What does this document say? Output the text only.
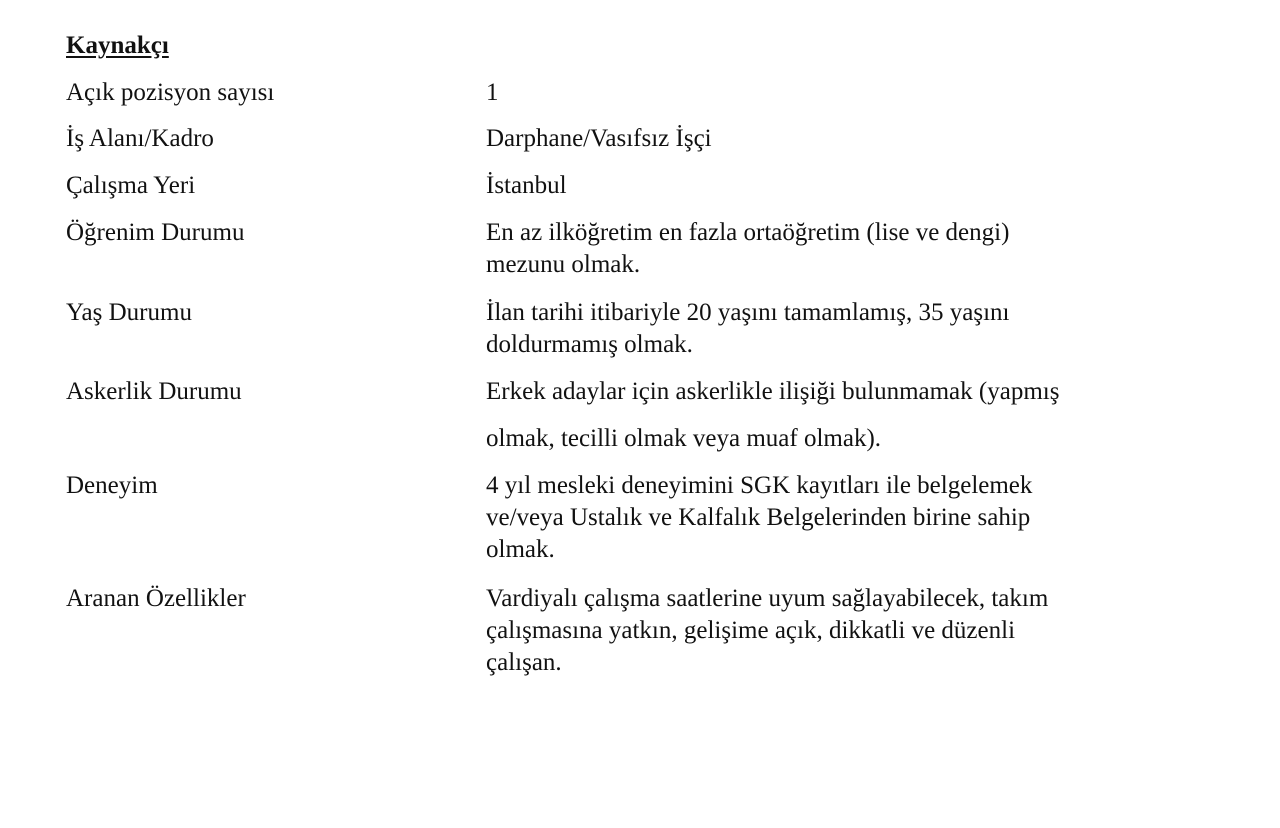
Kaynakçı
Açık pozisyon sayısı	1
İş Alanı/Kadro	Darphane/Vasıfsız İşçi
Çalışma Yeri	İstanbul
Öğrenim Durumu	En az ilköğretim en fazla ortaöğretim (lise ve dengi)
mezunu olmak.
Yaş Durumu	İlan tarihi itibariyle 20 yaşını tamamlamış, 35 yaşını
doldurmamış olmak.
Askerlik Durumu	Erkek adaylar için askerlikle ilişiği bulunmamak (yapmış
olmak, tecilli olmak veya muaf olmak).
Deneyim	4 yıl mesleki deneyimini SGK kayıtları ile belgelemek
ve/veya Ustalık ve Kalfalık Belgelerinden birine sahip
olmak.
Aranan Özellikler	Vardiyalı çalışma saatlerine uyum sağlayabilecek, takım
çalışmasına yatkın, gelişime açık, dikkatli ve düzenli
çalışan.
